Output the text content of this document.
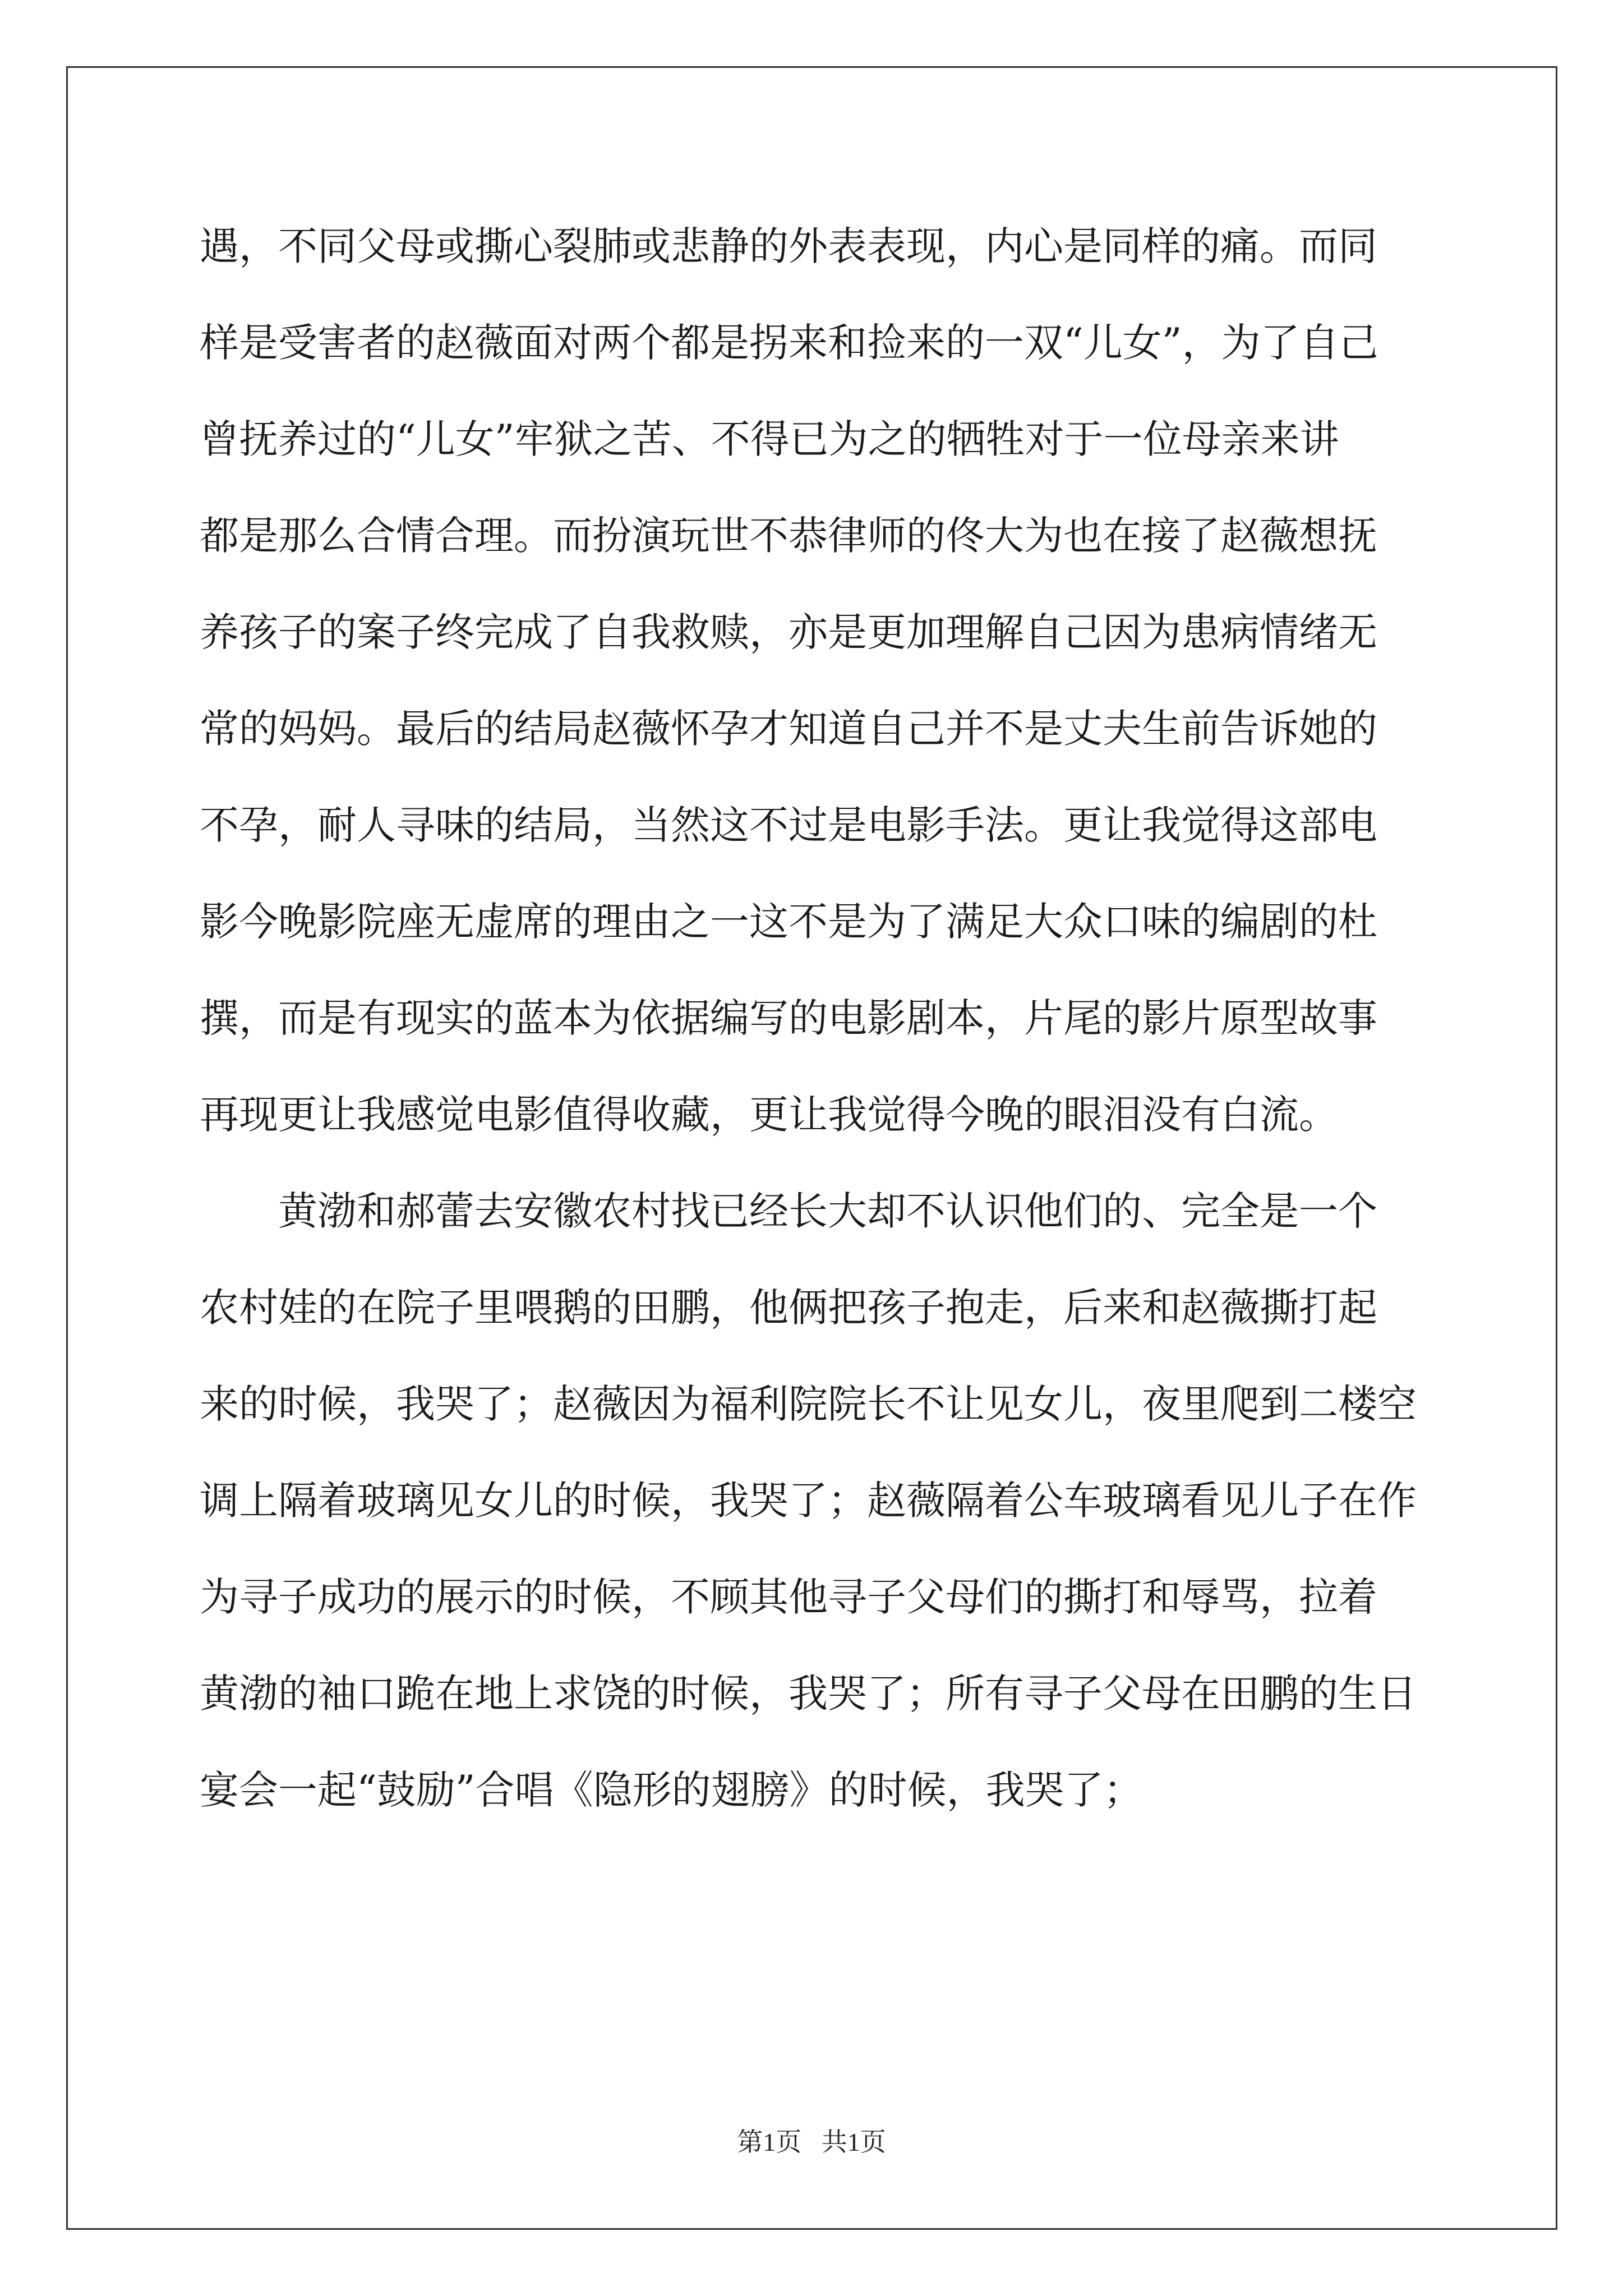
遇，不同父母或撕心裂肺或悲静的外表表现，内心是同样的痛。而同
样是受害者的赵薇面对两个都是拐来和捡来的一双“儿女”，为了自己
曾抚养过的“儿女”牢狱之苦、不得已为之的牺牲对于一位母亲来讲
都是那么合情合理。而扮演玩世不恭律师的佟大为也在接了赵薇想抚
养孩子的案子终完成了自我救赎，亦是更加理解自己因为患病情绪无
常的妈妈。最后的结局赵薇怀孕才知道自己并不是丈夫生前告诉她的
不孕，耐人寻味的结局，当然这不过是电影手法。更让我觉得这部电
影今晚影院座无虚席的理由之一这不是为了满足大众口味的编剧的杜
撰，而是有现实的蓝本为依据编写的电影剧本，片尾的影片原型故事
再现更让我感觉电影值得收藏，更让我觉得今晚的眼泪没有白流。
黄渤和郝蕾去安徽农村找已经长大却不认识他们的、完全是一个
农村娃的在院子里喂鹅的田鹏，他俩把孩子抱走，后来和赵薇撕打起
来的时候，我哭了；赵薇因为福利院院长不让见女儿，夜里爬到二楼空
调上隔着玻璃见女儿的时候，我哭了；赵薇隔着公车玻璃看见儿子在作
为寻子成功的展示的时候，不顾其他寻子父母们的撕打和辱骂，拉着
黄渤的袖口跪在地上求饶的时候，我哭了；所有寻子父母在田鹏的生日
宴会一起“鼓励”合唱《隐形的翅膀》的时候，我哭了；
第1页 共1页
